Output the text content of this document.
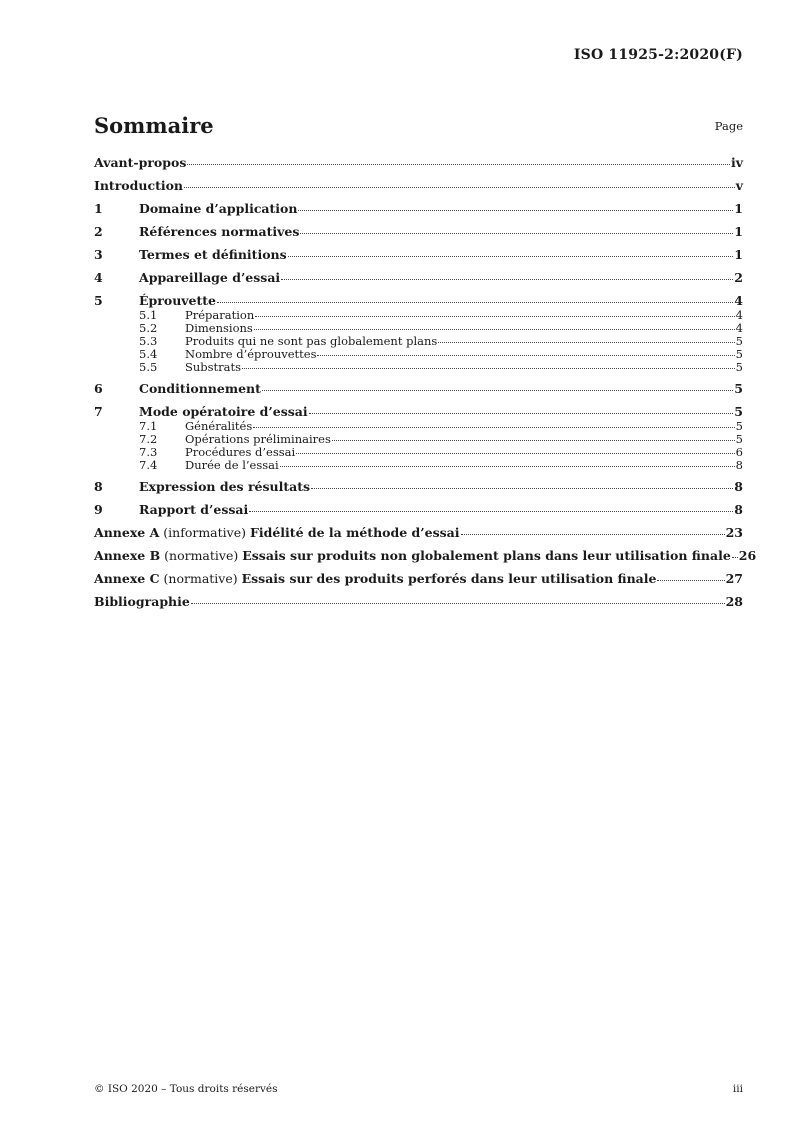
ISO 11925-2:2020(F)
Sommaire	Page
Avant-propos	iv
Introduction	v
1	Domaine d’application	1
2	Références normatives	1
3	Termes et définitions	1
4	Appareillage d’essai	2
5	Éprouvette	4
5.1	Préparation	4
5.2	Dimensions	4
5.3	Produits qui ne sont pas globalement plans	5
5.4	Nombre d’éprouvettes	5
5.5	Substrats	5
6	Conditionnement	5
7	Mode opératoire d’essai	5
7.1	Généralités	5
7.2	Opérations préliminaires	5
7.3	Procédures d’essai	6
7.4	Durée de l’essai	8
8	Expression des résultats	8
9	Rapport d’essai	8
Annexe A (informative) Fidélité de la méthode d’essai	23
Annexe B (normative) Essais sur produits non globalement plans dans leur utilisation finale 26
Annexe C (normative) Essais sur des produits perforés dans leur utilisation finale	27
Bibliographie	28
© ISO 2020 – Tous droits réservés	iii
